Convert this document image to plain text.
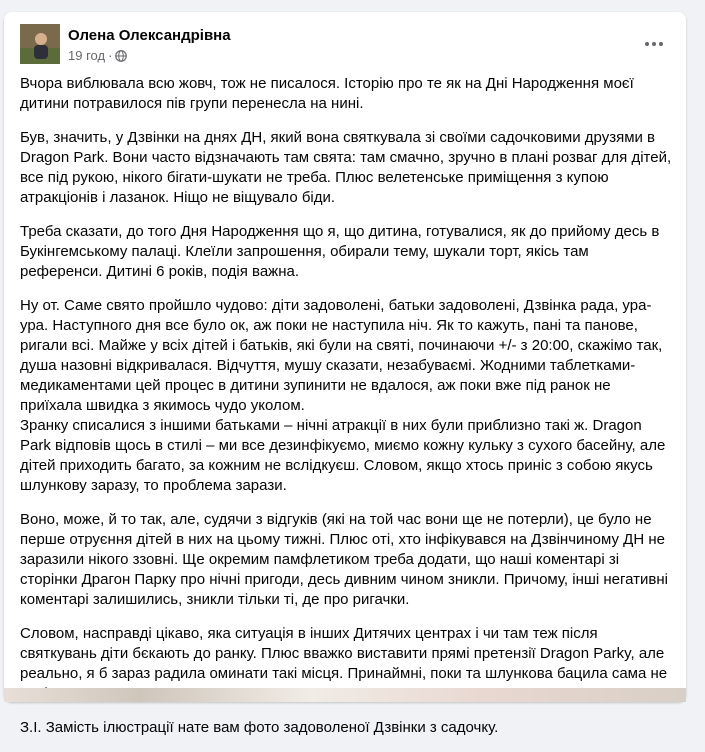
Олена Олександрівна
19 год ·

Вчора виблювала всю жовч, тож не писалося. Історію про те як на Дні Народження моєї дитини потравилося пів групи перенесла на нині.

Був, значить, у Дзвінки на днях ДН, який вона святкувала зі своїми садочковими друзями в Dragon Park. Вони часто відзначають там свята: там смачно, зручно в плані розваг для дітей, все під рукою, нікого бігати-шукати не треба. Плюс велетенське приміщення з купою атракціонів і лазанок. Ніщо не віщувало біди.

Треба сказати, до того Дня Народження що я, що дитина, готувалися, як до прийому десь в Букінгемському палаці. Клеїли запрошення, обирали тему, шукали торт, якісь там референси. Дитині 6 років, подія важна.

Ну от. Саме свято пройшло чудово: діти задоволені, батьки задоволені, Дзвінка рада, ура-ура. Наступного дня все було ок, аж поки не наступила ніч. Як то кажуть, пані та панове, ригали всі. Майже у всіх дітей і батьків, які були на святі, починаючи +/- з 20:00, скажімо так, душа назовні відкривалася. Відчуття, мушу сказати, незабуваємі. Жодними таблетками-медикаментами цей процес в дитини зупинити не вдалося, аж поки вже під ранок не приїхала швидка з якимось чудо уколом.
Зранку списалися з іншими батьками – нічні атракції в них були приблизно такі ж. Dragon Park відповів щось в стилі – ми все дезинфікуємо, миємо кожну кульку з сухого басейну, але дітей приходить багато, за кожним не вслідкуєш. Словом, якщо хтось приніс з собою якусь шлункову заразу, то проблема зарази.

Воно, може, й то так, але, судячи з відгуків (які на той час вони ще не потерли), це було не перше отруєння дітей в них на цьому тижні. Плюс оті, хто інфікувався на Дзвінчиному ДН не заразили нікого ззовні. Ще окремим памфлетиком треба додати, що наші коментарі зі сторінки Драгон Парку про нічні пригоди, десь дивним чином зникли. Причому, інші негативні коментарі залишились, зникли тільки ті, де про ригачки.

Словом, насправді цікаво, яка ситуація в інших Дитячих центрах і чи там теж після святкувань діти бєкають до ранку. Плюс вважко виставити прямі претензії Dragon Parky, але реально, я б зараз радила оминати такі місця. Принаймні, поки та шлункова бацила сама не

З.І. Замість ілюстрації нате вам фото задоволеної Дзвінки з садочку.
